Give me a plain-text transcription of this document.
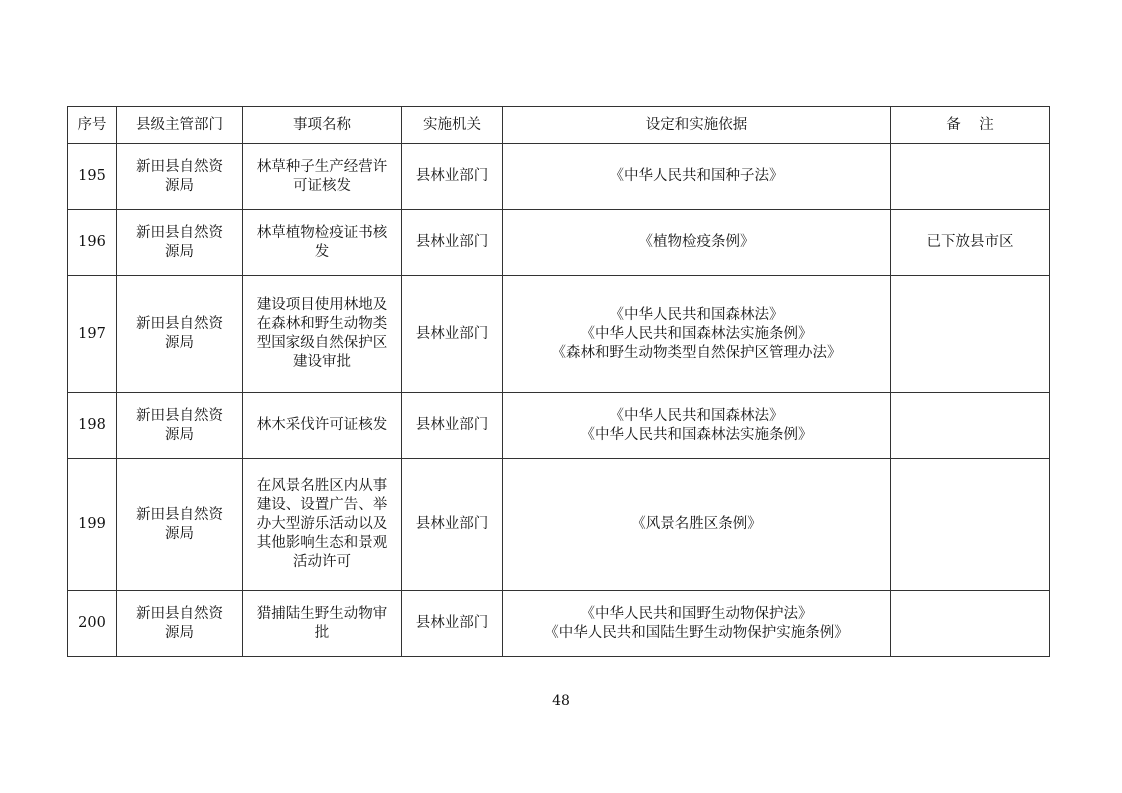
序号	县级主管部门	事项名称	实施机关	设定和实施依据	备    注
195	新田县自然资
源局	林草种子生产经营许
可证核发	县林业部门	《中华人民共和国种子法》	

196	新田县自然资
源局	林草植物检疫证书核
发	县林业部门	《植物检疫条例》	已下放县市区
197	新田县自然资
源局	建设项目使用林地及
在森林和野生动物类
型国家级自然保护区
建设审批	县林业部门	《中华人民共和国森林法》
《中华人民共和国森林法实施条例》
《森林和野生动物类型自然保护区管理办法》	

198	新田县自然资
源局	林木采伐许可证核发	县林业部门	《中华人民共和国森林法》
《中华人民共和国森林法实施条例》	

199	新田县自然资
源局	在风景名胜区内从事
建设、设置广告、举
办大型游乐活动以及
其他影响生态和景观
活动许可	县林业部门	《风景名胜区条例》	

200	新田县自然资
源局	猎捕陆生野生动物审
批	县林业部门	《中华人民共和国野生动物保护法》
《中华人民共和国陆生野生动物保护实施条例》	

48
